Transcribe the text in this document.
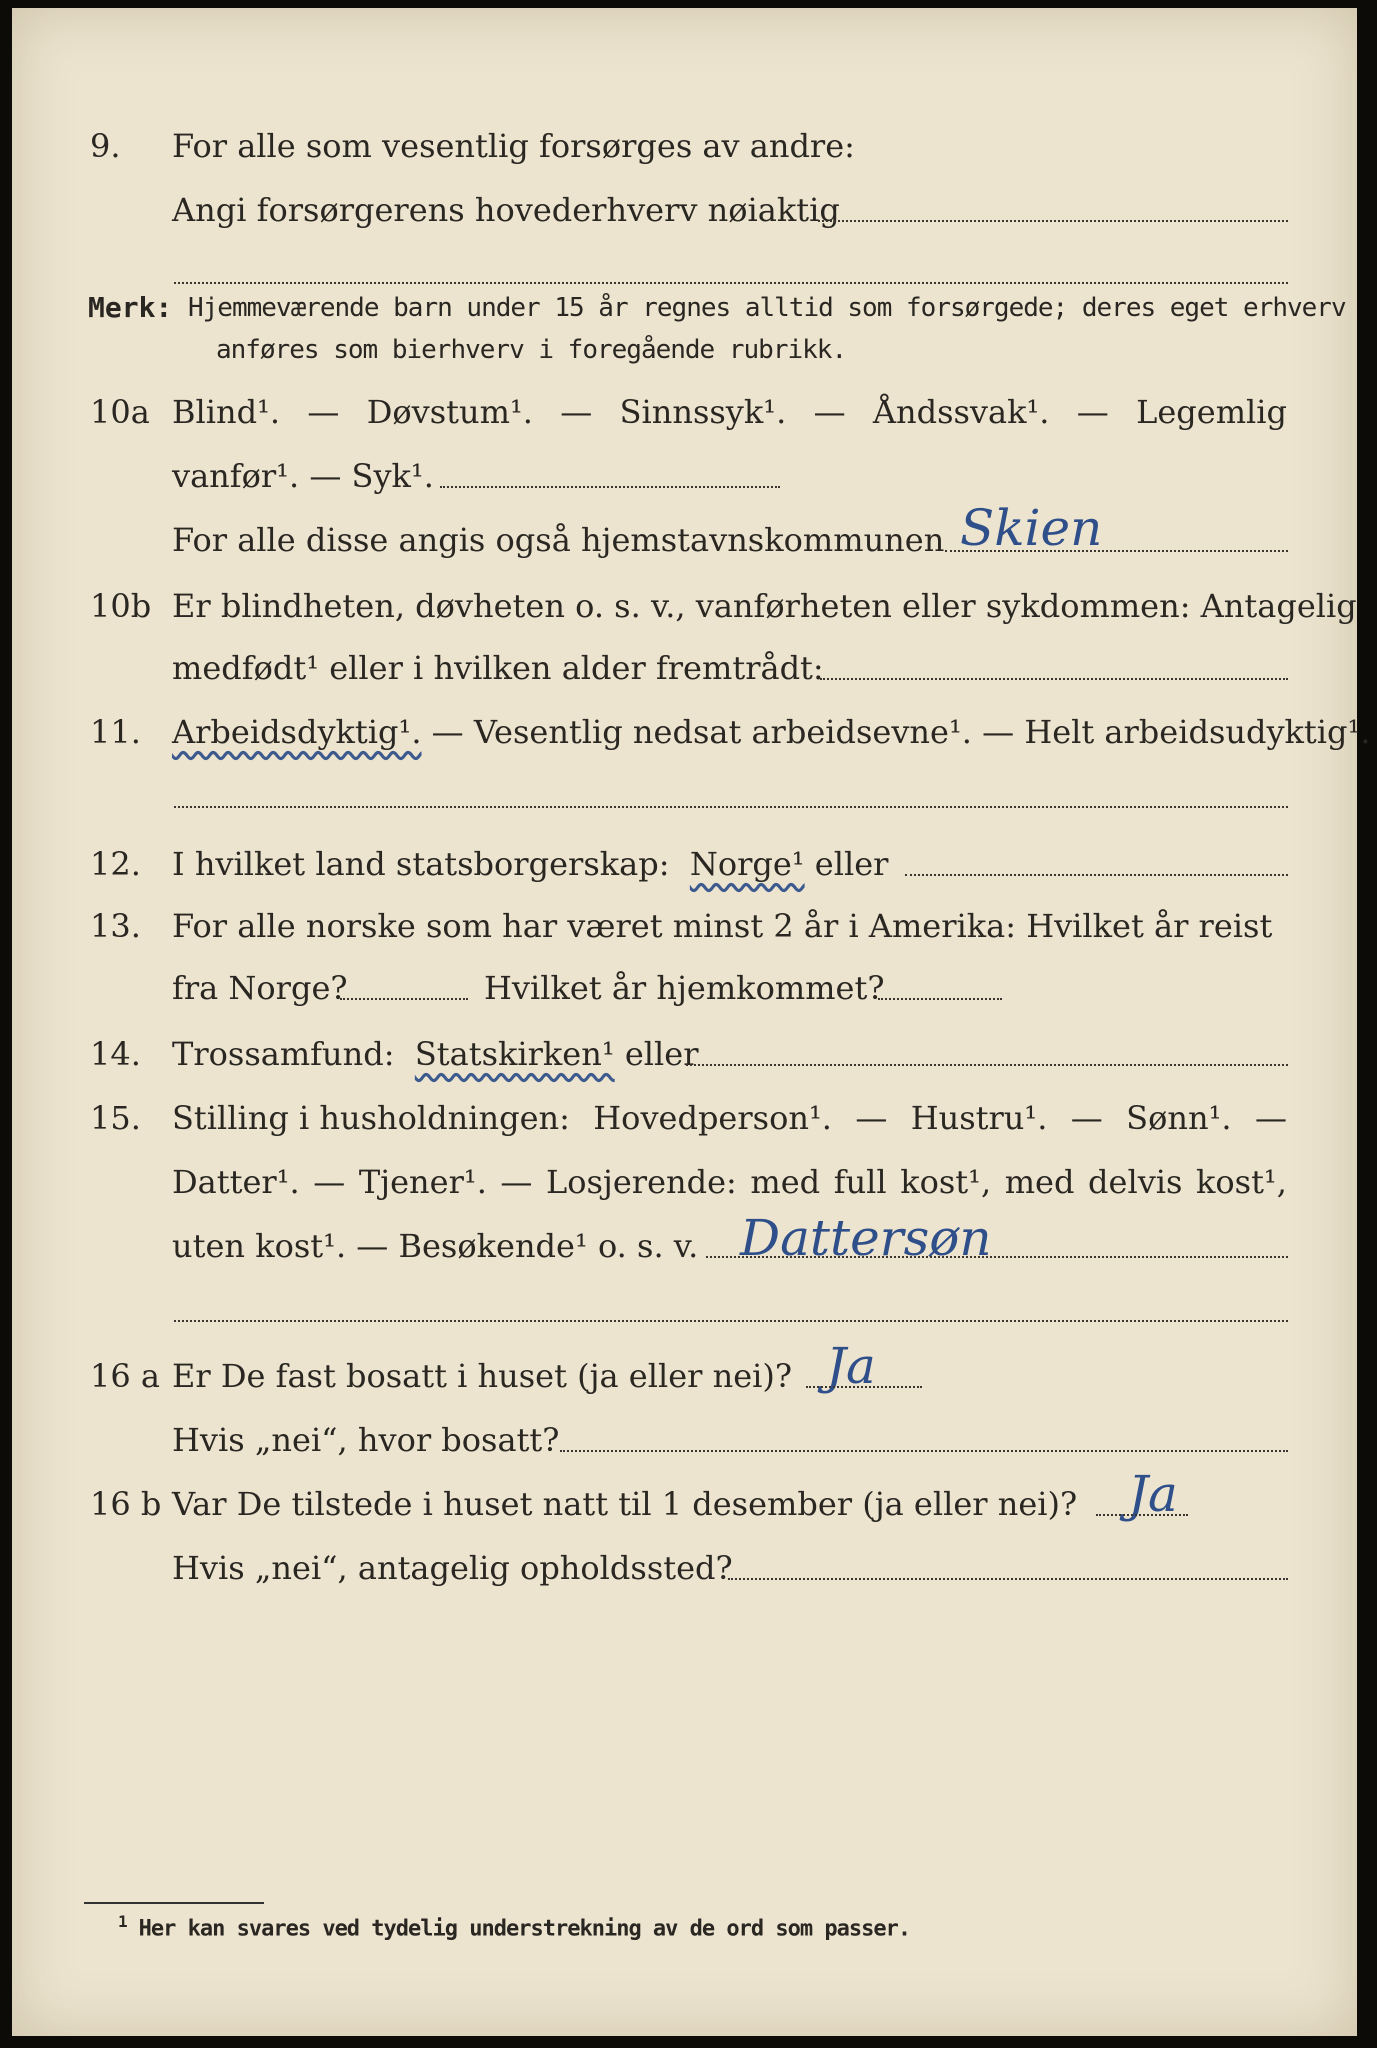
9. For alle som vesentlig forsørges av andre:
Angi forsørgerens hovederhverv nøiaktig
Merk: Hjemmeværende barn under 15 år regnes alltid som forsørgede; deres eget erhverv
anføres som bierhverv i foregående rubrikk.
10a Blind¹. — Døvstum¹. — Sinnssyk¹. — Åndssvak¹. — Legemlig
vanfør¹. — Syk¹.
For alle disse angis også hjemstavnskommunen Skien
10b Er blindheten, døvheten o. s. v., vanførheten eller sykdommen: Antagelig
medfødt¹ eller i hvilken alder fremtrådt:
11. Arbeidsdyktig¹. — Vesentlig nedsat arbeidsevne¹. — Helt arbeidsudyktig¹.
12. I hvilket land statsborgerskap: Norge¹ eller
13. For alle norske som har været minst 2 år i Amerika: Hvilket år reist
fra Norge?	Hvilket år hjemkommet?
14. Trossamfund: Statskirken¹ eller
15. Stilling i husholdningen: Hovedperson¹. — Hustru¹. — Sønn¹. —
Datter¹. — Tjener¹. — Losjerende: med full kost¹, med delvis kost¹,
uten kost¹. — Besøkende¹ o. s. v. Dattersøn
16 a Er De fast bosatt i huset (ja eller nei)? Ja
Hvis „nei“, hvor bosatt?
16 b Var De tilstede i huset natt til 1 desember (ja eller nei)? Ja
Hvis „nei“, antagelig opholdssted?
$^1$ Her kan svares ved tydelig understrekning av de ord som passer.
